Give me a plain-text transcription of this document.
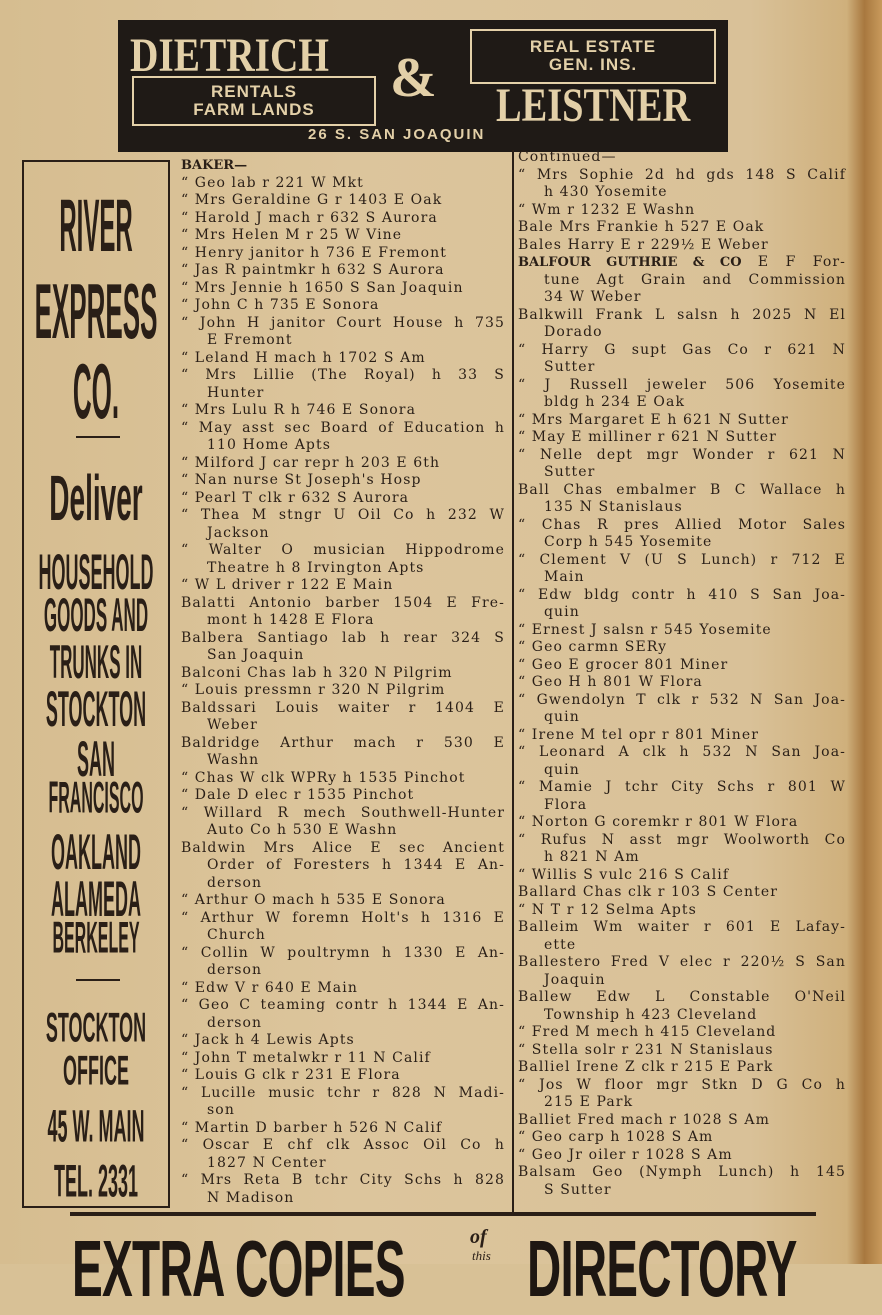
DIETRICH & LEISTNER
RENTALS
FARM LANDS
REAL ESTATE
GEN. INS.
26 S. SAN JOAQUIN
RIVER
EXPRESS
CO.
Deliver
HOUSEHOLD
GOODS AND
TRUNKS IN
STOCKTON
SAN
FRANCISCO
OAKLAND
ALAMEDA
BERKELEY
STOCKTON
OFFICE
45 W. MAIN
TEL. 2331
BAKER—
“ Geo lab r 221 W Mkt
“ Mrs Geraldine G r 1403 E Oak
“ Harold J mach r 632 S Aurora
“ Mrs Helen M r 25 W Vine
“ Henry janitor h 736 E Fremont
“ Jas R paintmkr h 632 S Aurora
“ Mrs Jennie h 1650 S San Joaquin
“ John C h 735 E Sonora
“ John H janitor Court House h 735
E Fremont
“ Leland H mach h 1702 S Am
“ Mrs Lillie (The Royal) h 33 S
Hunter
“ Mrs Lulu R h 746 E Sonora
“ May asst sec Board of Education h
110 Home Apts
“ Milford J car repr h 203 E 6th
“ Nan nurse St Joseph's Hosp
“ Pearl T clk r 632 S Aurora
“ Thea M stngr U Oil Co h 232 W
Jackson
“ Walter O musician Hippodrome
Theatre h 8 Irvington Apts
“ W L driver r 122 E Main
Balatti Antonio barber 1504 E Fre-
mont h 1428 E Flora
Balbera Santiago lab h rear 324 S
San Joaquin
Balconi Chas lab h 320 N Pilgrim
“ Louis pressmn r 320 N Pilgrim
Baldssari Louis waiter r 1404 E
Weber
Baldridge Arthur mach r 530 E
Washn
“ Chas W clk WPRy h 1535 Pinchot
“ Dale D elec r 1535 Pinchot
“ Willard R mech Southwell-Hunter
Auto Co h 530 E Washn
Baldwin Mrs Alice E sec Ancient
Order of Foresters h 1344 E An-
derson
“ Arthur O mach h 535 E Sonora
“ Arthur W foremn Holt's h 1316 E
Church
“ Collin W poultrymn h 1330 E An-
derson
“ Edw V r 640 E Main
“ Geo C teaming contr h 1344 E An-
derson
“ Jack h 4 Lewis Apts
“ John T metalwkr r 11 N Calif
“ Louis G clk r 231 E Flora
“ Lucille music tchr r 828 N Madi-
son
“ Martin D barber h 526 N Calif
“ Oscar E chf clk Assoc Oil Co h
1827 N Center
“ Mrs Reta B tchr City Schs h 828
N Madison
Continued—
“ Mrs Sophie 2d hd gds 148 S Calif
h 430 Yosemite
“ Wm r 1232 E Washn
Bale Mrs Frankie h 527 E Oak
Bales Harry E r 229½ E Weber
BALFOUR GUTHRIE & CO E F For-
tune Agt Grain and Commission
34 W Weber
Balkwill Frank L salsn h 2025 N El
Dorado
“ Harry G supt Gas Co r 621 N
Sutter
“ J Russell jeweler 506 Yosemite
bldg h 234 E Oak
“ Mrs Margaret E h 621 N Sutter
“ May E milliner r 621 N Sutter
“ Nelle dept mgr Wonder r 621 N
Sutter
Ball Chas embalmer B C Wallace h
135 N Stanislaus
“ Chas R pres Allied Motor Sales
Corp h 545 Yosemite
“ Clement V (U S Lunch) r 712 E
Main
“ Edw bldg contr h 410 S San Joa-
quin
“ Ernest J salsn r 545 Yosemite
“ Geo carmn SERy
“ Geo E grocer 801 Miner
“ Geo H h 801 W Flora
“ Gwendolyn T clk r 532 N San Joa-
quin
“ Irene M tel opr r 801 Miner
“ Leonard A clk h 532 N San Joa-
quin
“ Mamie J tchr City Schs r 801 W
Flora
“ Norton G coremkr r 801 W Flora
“ Rufus N asst mgr Woolworth Co
h 821 N Am
“ Willis S vulc 216 S Calif
Ballard Chas clk r 103 S Center
“ N T r 12 Selma Apts
Balleim Wm waiter r 601 E Lafay-
ette
Ballestero Fred V elec r 220½ S San
Joaquin
Ballew Edw L Constable O'Neil
Township h 423 Cleveland
“ Fred M mech h 415 Cleveland
“ Stella solr r 231 N Stanislaus
Balliel Irene Z clk r 215 E Park
“ Jos W floor mgr Stkn D G Co h
215 E Park
Balliet Fred mach r 1028 S Am
“ Geo carp h 1028 S Am
“ Geo Jr oiler r 1028 S Am
Balsam Geo (Nymph Lunch) h 145
S Sutter
EXTRA COPIES	of
this DIRECTORY
